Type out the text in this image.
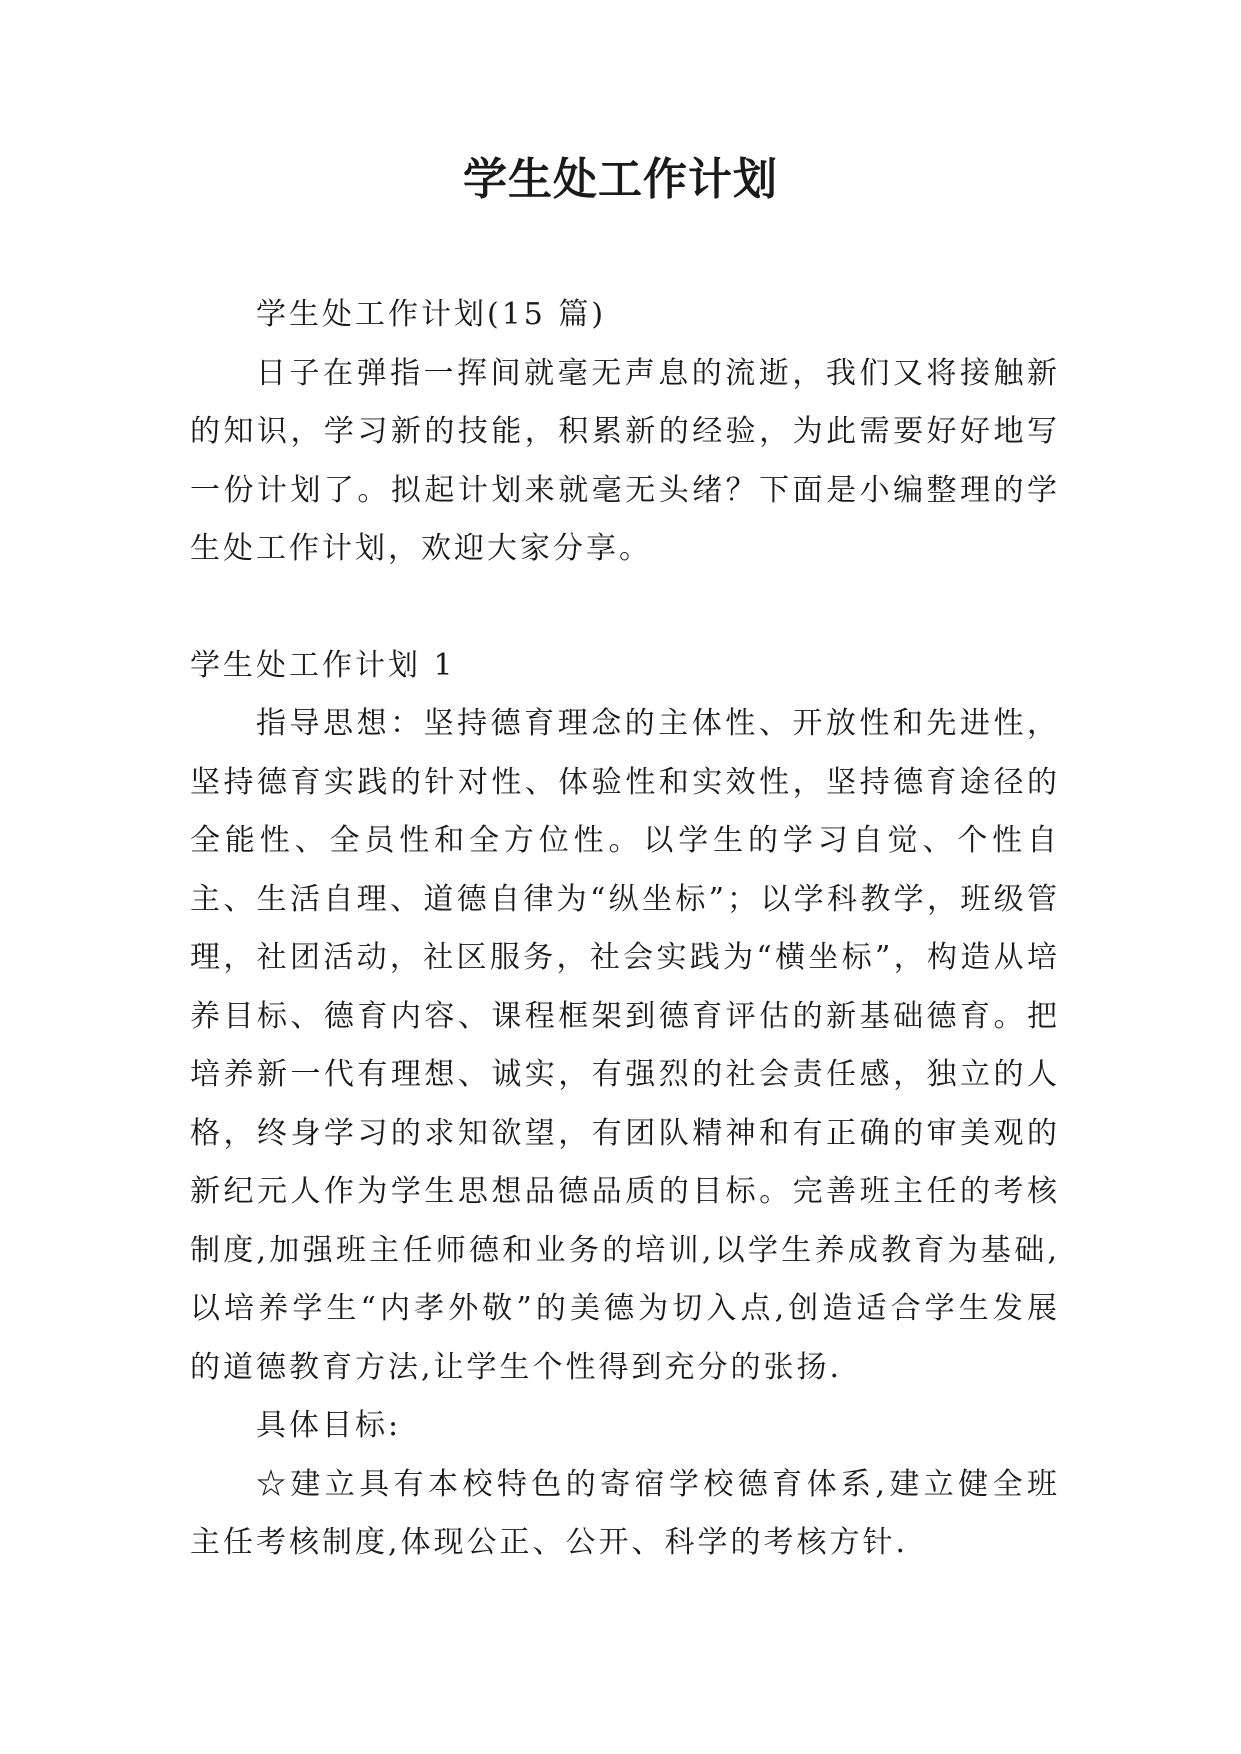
学生处工作计划

学生处工作计划(15 篇)

日子在弹指一挥间就毫无声息的流逝，我们又将接触新的知识，学习新的技能，积累新的经验，为此需要好好地写一份计划了。拟起计划来就毫无头绪？下面是小编整理的学生处工作计划，欢迎大家分享。

学生处工作计划 1

指导思想：坚持德育理念的主体性、开放性和先进性，坚持德育实践的针对性、体验性和实效性，坚持德育途径的全能性、全员性和全方位性。以学生的学习自觉、个性自主、生活自理、道德自律为“纵坐标”；以学科教学，班级管理，社团活动，社区服务，社会实践为“横坐标”，构造从培养目标、德育内容、课程框架到德育评估的新基础德育。把培养新一代有理想、诚实，有强烈的社会责任感，独立的人格，终身学习的求知欲望，有团队精神和有正确的审美观的新纪元人作为学生思想品德品质的目标。完善班主任的考核制度,加强班主任师德和业务的培训,以学生养成教育为基础,以培养学生“内孝外敬”的美德为切入点,创造适合学生发展的道德教育方法,让学生个性得到充分的张扬.

具体目标:

☆建立具有本校特色的寄宿学校德育体系,建立健全班主任考核制度,体现公正、公开、科学的考核方针.
